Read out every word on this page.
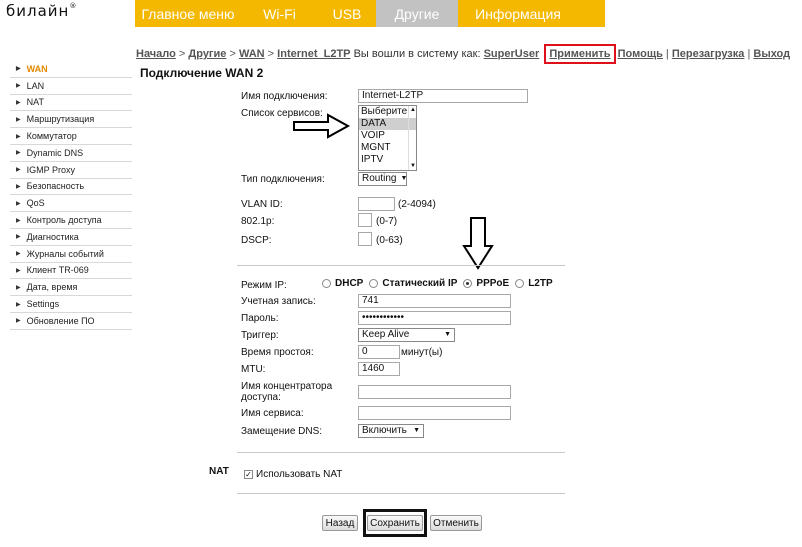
билайн®	Главное меню	Wi-Fi	USB	Другие	Информация
Начало > Другие > WAN > Internet_L2TP Вы вошли в систему как: SuperUser Применить Помощь | Перезагрузка | Выход
▶ WAN
▶ LAN
▶ NAT
▶ Маршрутизация
▶ Коммутатор
▶ Dynamic DNS
▶ IGMP Proxy
▶ Безопасность
▶ QoS
▶ Контроль доступа
▶ Диагностика
▶ Журналы событий
▶ Клиент TR-069
▶ Дата, время
▶ Settings
▶ Обновление ПО
Подключение WAN 2
Имя подключения:	Internet-L2TP
Список сервисов:	Выберите
DATA
VOIP
MGNT
IPTV
▲
▼
Тип подключения:	Routing ▼
VLAN ID:	(2-4094)
802.1p:	(0-7)
DSCP:	(0-63)
Режим IP:	DHCP Статический IP PPPoE L2TP
Учетная запись:	741
Пароль:	••••••••••••
Триггер:	Keep Alive	▼
Время простоя:	0	минут(ы)
MTU:	1460
Имя концентратора доступа:
Имя сервиса:
Замещение DNS:	Включить ▼
NAT ✓ Использовать NAT
Назад	Сохранить	Отменить
